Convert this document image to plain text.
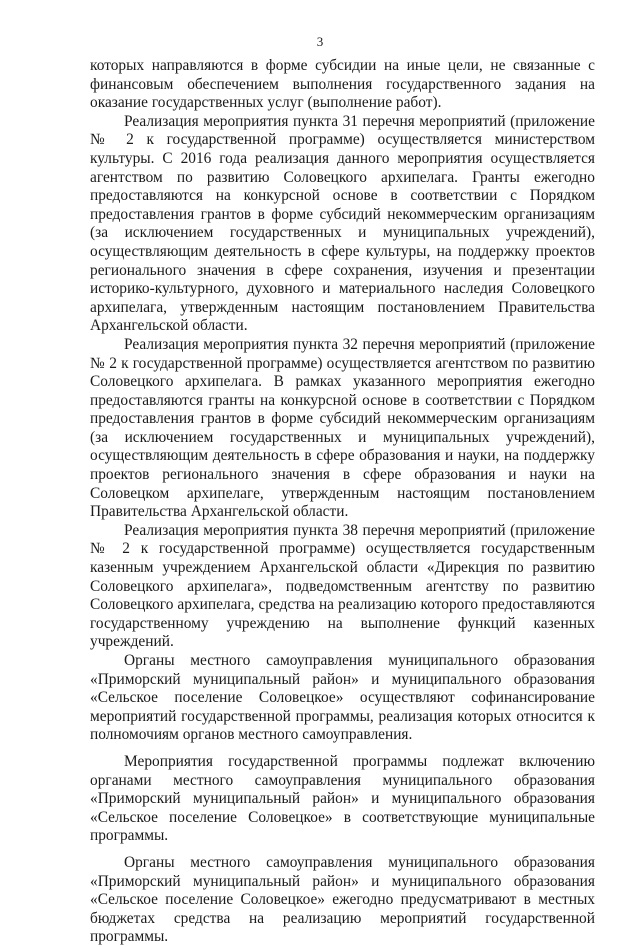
3

которых направляются в форме субсидии на иные цели, не связанные с финансовым обеспечением выполнения государственного задания на оказание государственных услуг (выполнение работ).

Реализация мероприятия пункта 31 перечня мероприятий (приложение № 2 к государственной программе) осуществляется министерством культуры. С 2016 года реализация данного мероприятия осуществляется агентством по развитию Соловецкого архипелага. Гранты ежегодно предоставляются на конкурсной основе в соответствии с Порядком предоставления грантов в форме субсидий некоммерческим организациям (за исключением государственных и муниципальных учреждений), осуществляющим деятельность в сфере культуры, на поддержку проектов регионального значения в сфере сохранения, изучения и презентации историко-культурного, духовного и материального наследия Соловецкого архипелага, утвержденным настоящим постановлением Правительства Архангельской области.

Реализация мероприятия пункта 32 перечня мероприятий (приложение № 2 к государственной программе) осуществляется агентством по развитию Соловецкого архипелага. В рамках указанного мероприятия ежегодно предоставляются гранты на конкурсной основе в соответствии с Порядком предоставления грантов в форме субсидий некоммерческим организациям (за исключением государственных и муниципальных учреждений), осуществляющим деятельность в сфере образования и науки, на поддержку проектов регионального значения в сфере образования и науки на Соловецком архипелаге, утвержденным настоящим постановлением Правительства Архангельской области.

Реализация мероприятия пункта 38 перечня мероприятий (приложение № 2 к государственной программе) осуществляется государственным казенным учреждением Архангельской области «Дирекция по развитию Соловецкого архипелага», подведомственным агентству по развитию Соловецкого архипелага, средства на реализацию которого предоставляются государственному учреждению на выполнение функций казенных учреждений.

Органы местного самоуправления муниципального образования «Приморский муниципальный район» и муниципального образования «Сельское поселение Соловецкое» осуществляют софинансирование мероприятий государственной программы, реализация которых относится к полномочиям органов местного самоуправления.

Мероприятия государственной программы подлежат включению органами местного самоуправления муниципального образования «Приморский муниципальный район» и муниципального образования «Сельское поселение Соловецкое» в соответствующие муниципальные программы.

Органы местного самоуправления муниципального образования «Приморский муниципальный район» и муниципального образования «Сельское поселение Соловецкое» ежегодно предусматривают в местных бюджетах средства на реализацию мероприятий государственной программы.
